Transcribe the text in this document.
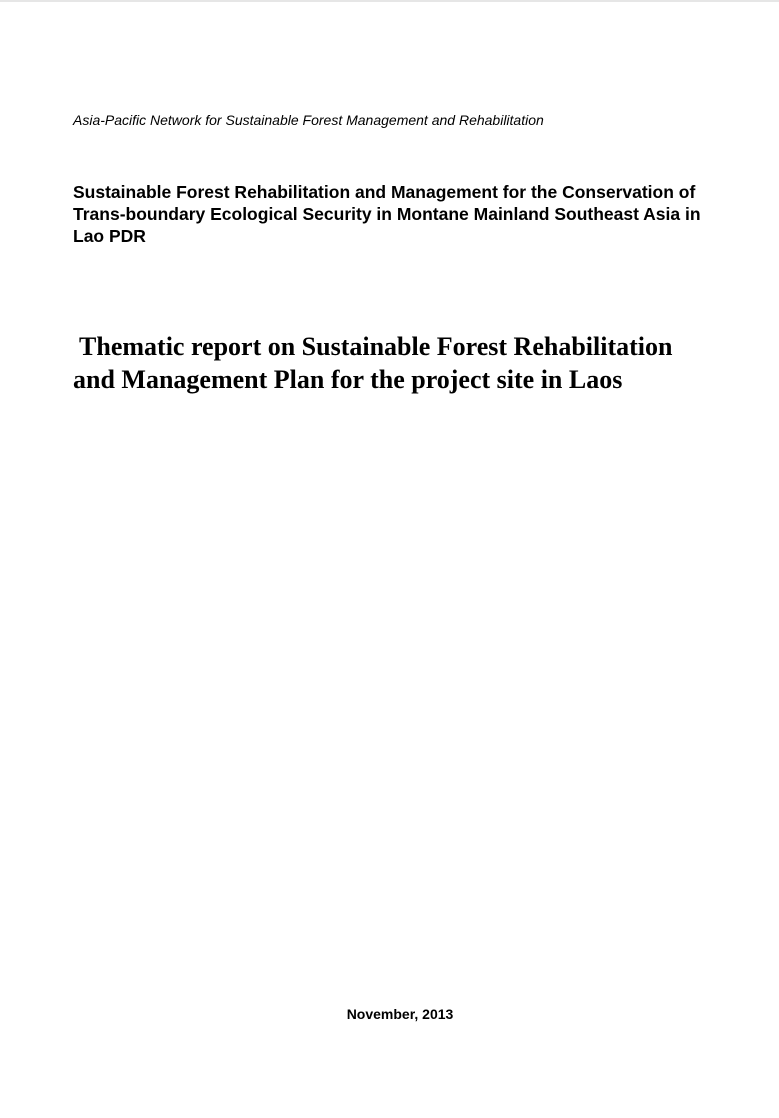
Asia-Pacific Network for Sustainable Forest Management and Rehabilitation
Sustainable Forest Rehabilitation and Management for the Conservation of Trans-boundary Ecological Security in Montane Mainland Southeast Asia in Lao PDR
Thematic report on Sustainable Forest Rehabilitation
and Management Plan for the project site in Laos
November, 2013
